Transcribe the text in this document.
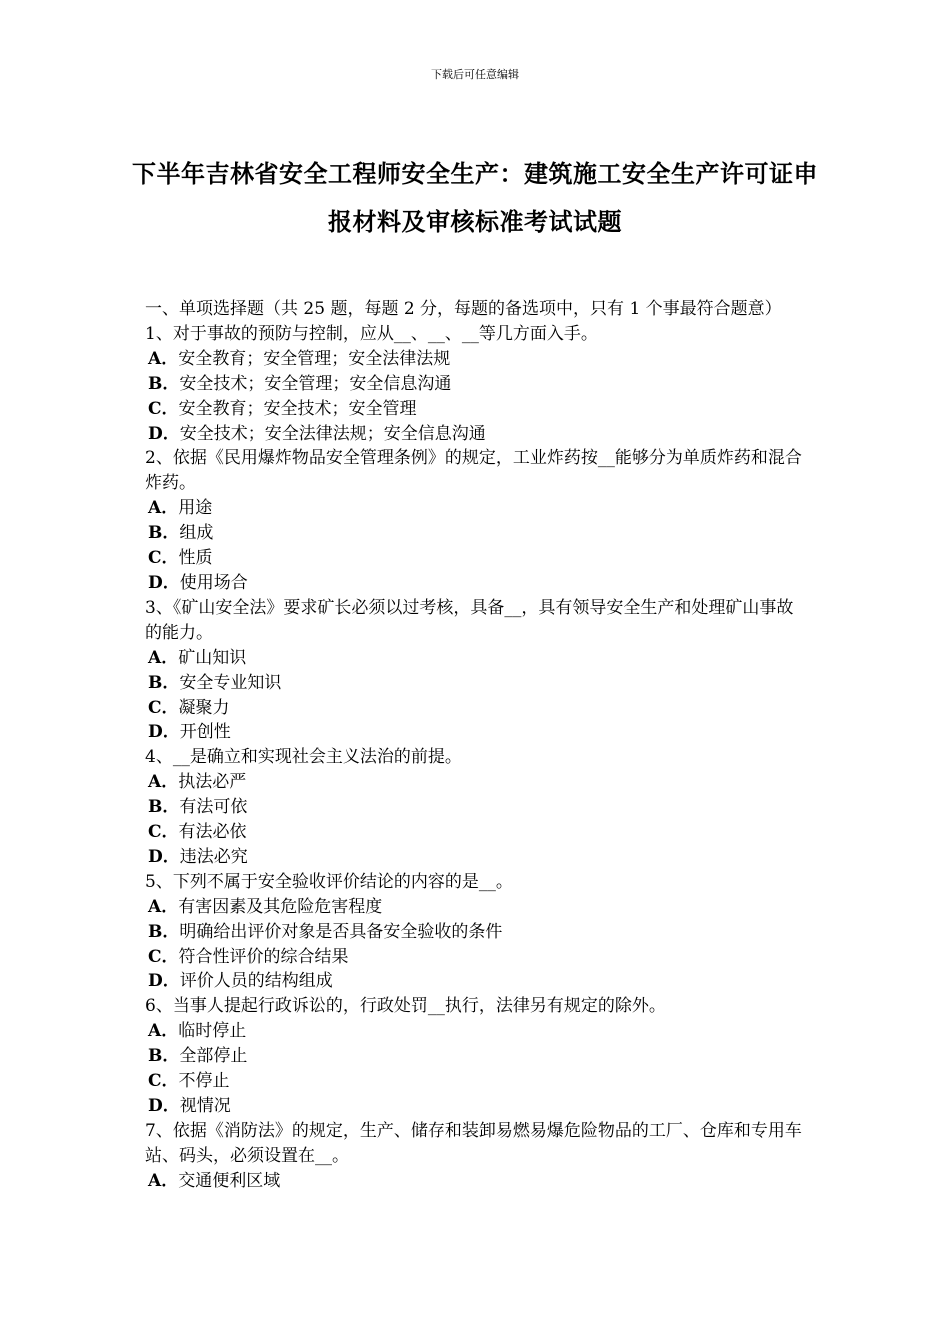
下载后可任意编辑
下半年吉林省安全工程师安全生产：建筑施工安全生产许可证申报材料及审核标准考试试题

一、单项选择题（共 25 题，每题 2 分，每题的备选项中，只有 1 个事最符合题意）

1、对于事故的预防与控制，应从__、__、__等几方面入手。

A．安全教育；安全管理；安全法律法规

B．安全技术；安全管理；安全信息沟通

C．安全教育；安全技术；安全管理

D．安全技术；安全法律法规；安全信息沟通

2、依据《民用爆炸物品安全管理条例》的规定，工业炸药按__能够分为单质炸药和混合炸药。

A．用途

B．组成

C．性质

D．使用场合

3、《矿山安全法》要求矿长必须以过考核，具备__，具有领导安全生产和处理矿山事故的能力。

A．矿山知识

B．安全专业知识

C．凝聚力

D．开创性

4、__是确立和实现社会主义法治的前提。

A．执法必严

B．有法可依

C．有法必依

D．违法必究

5、下列不属于安全验收评价结论的内容的是__。

A．有害因素及其危险危害程度

B．明确给出评价对象是否具备安全验收的条件

C．符合性评价的综合结果

D．评价人员的结构组成

6、当事人提起行政诉讼的，行政处罚__执行，法律另有规定的除外。

A．临时停止

B．全部停止

C．不停止

D．视情况

7、依据《消防法》的规定，生产、储存和装卸易燃易爆危险物品的工厂、仓库和专用车站、码头，必须设置在__。

A．交通便利区域
